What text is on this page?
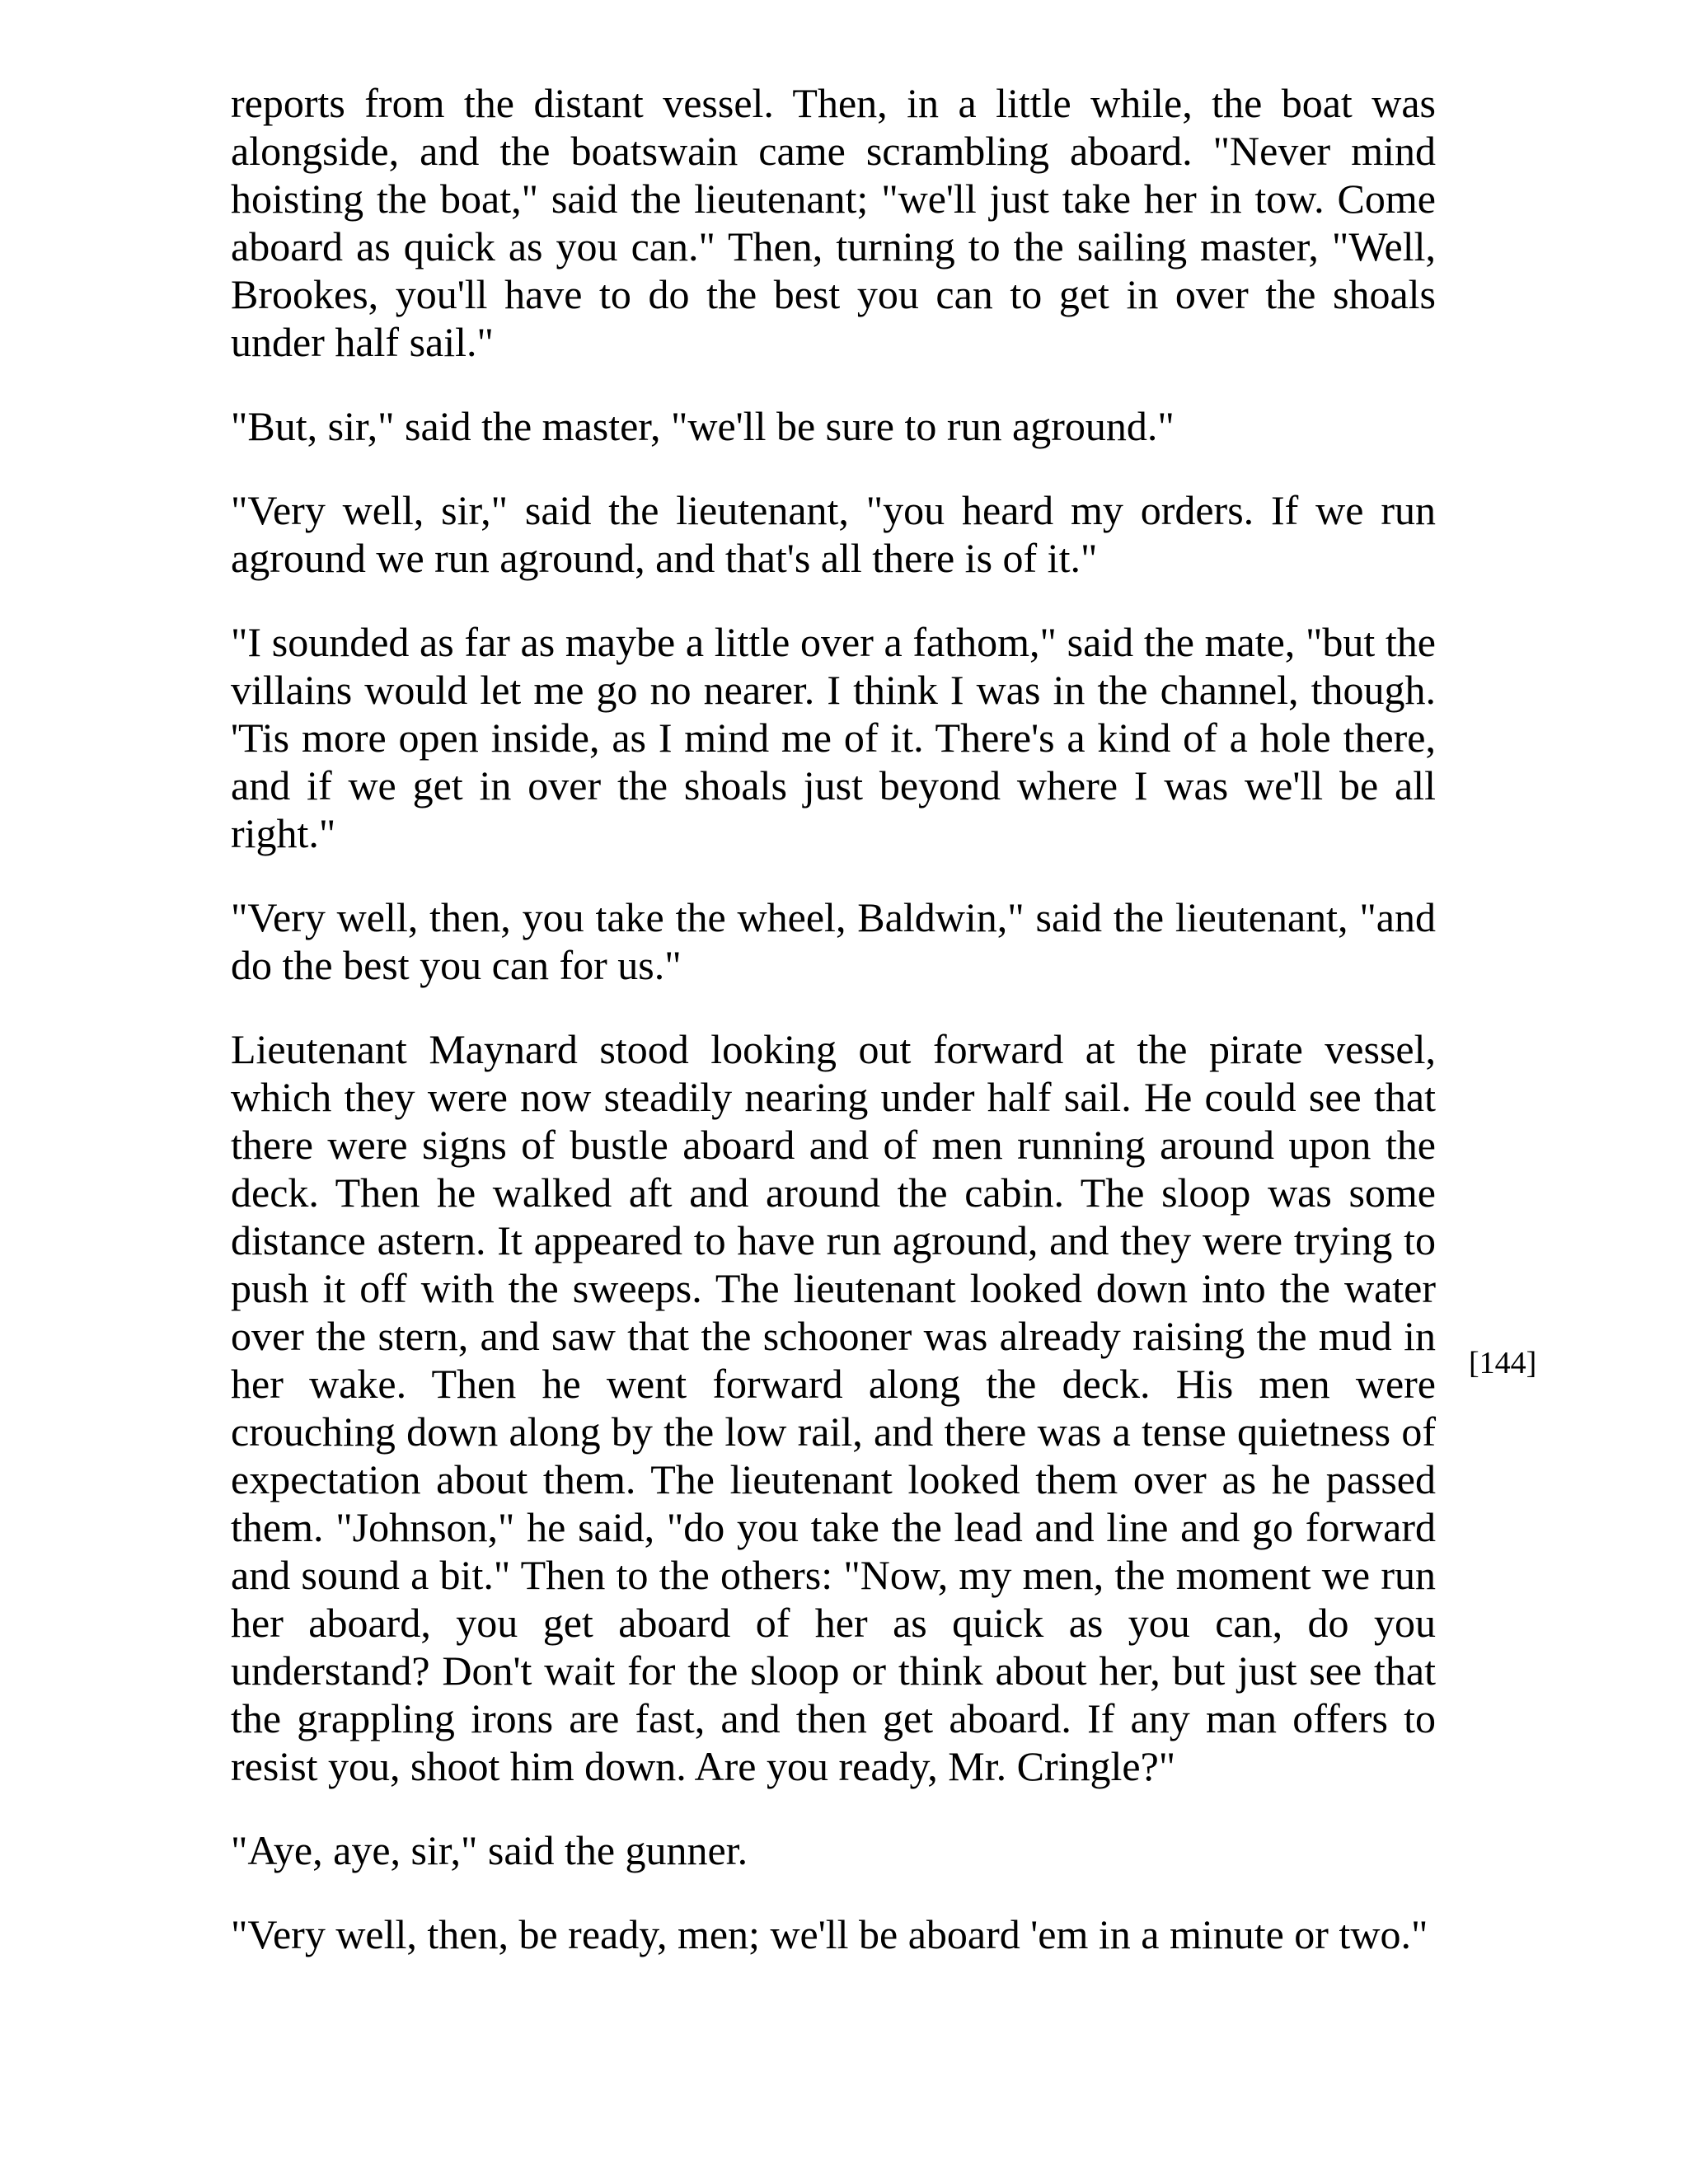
reports from the distant vessel. Then, in a little while, the boat was alongside, and the boatswain came scrambling aboard. "Never mind hoisting the boat," said the lieutenant; "we'll just take her in tow. Come aboard as quick as you can." Then, turning to the sailing master, "Well, Brookes, you'll have to do the best you can to get in over the shoals under half sail."

"But, sir," said the master, "we'll be sure to run aground."

"Very well, sir," said the lieutenant, "you heard my orders. If we run aground we run aground, and that's all there is of it."

"I sounded as far as maybe a little over a fathom," said the mate, "but the villains would let me go no nearer. I think I was in the channel, though. 'Tis more open inside, as I mind me of it. There's a kind of a hole there, and if we get in over the shoals just beyond where I was we'll be all right."

"Very well, then, you take the wheel, Baldwin," said the lieutenant, "and do the best you can for us."

Lieutenant Maynard stood looking out forward at the pirate vessel, which they were now steadily nearing under half sail. He could see that there were signs of bustle aboard and of men running around upon the deck. Then he walked aft and around the cabin. The sloop was some distance astern. It appeared to have run aground, and they were trying to push it off with the sweeps. The lieutenant looked down into the water over the stern, and saw that the schooner was already raising the mud in her wake. Then he went forward along the deck. His men were crouching down along by the low rail, and there was a tense quietness of expectation about them. The lieutenant looked them over as he passed them. "Johnson," he said, "do you take the lead and line and go forward and sound a bit." Then to the others: "Now, my men, the moment we run her aboard, you get aboard of her as quick as you can, do you understand? Don't wait for the sloop or think about her, but just see that the grappling irons are fast, and then get aboard. If any man offers to resist you, shoot him down. Are you ready, Mr. Cringle?"

"Aye, aye, sir," said the gunner.

"Very well, then, be ready, men; we'll be aboard 'em in a minute or two."

[144]
